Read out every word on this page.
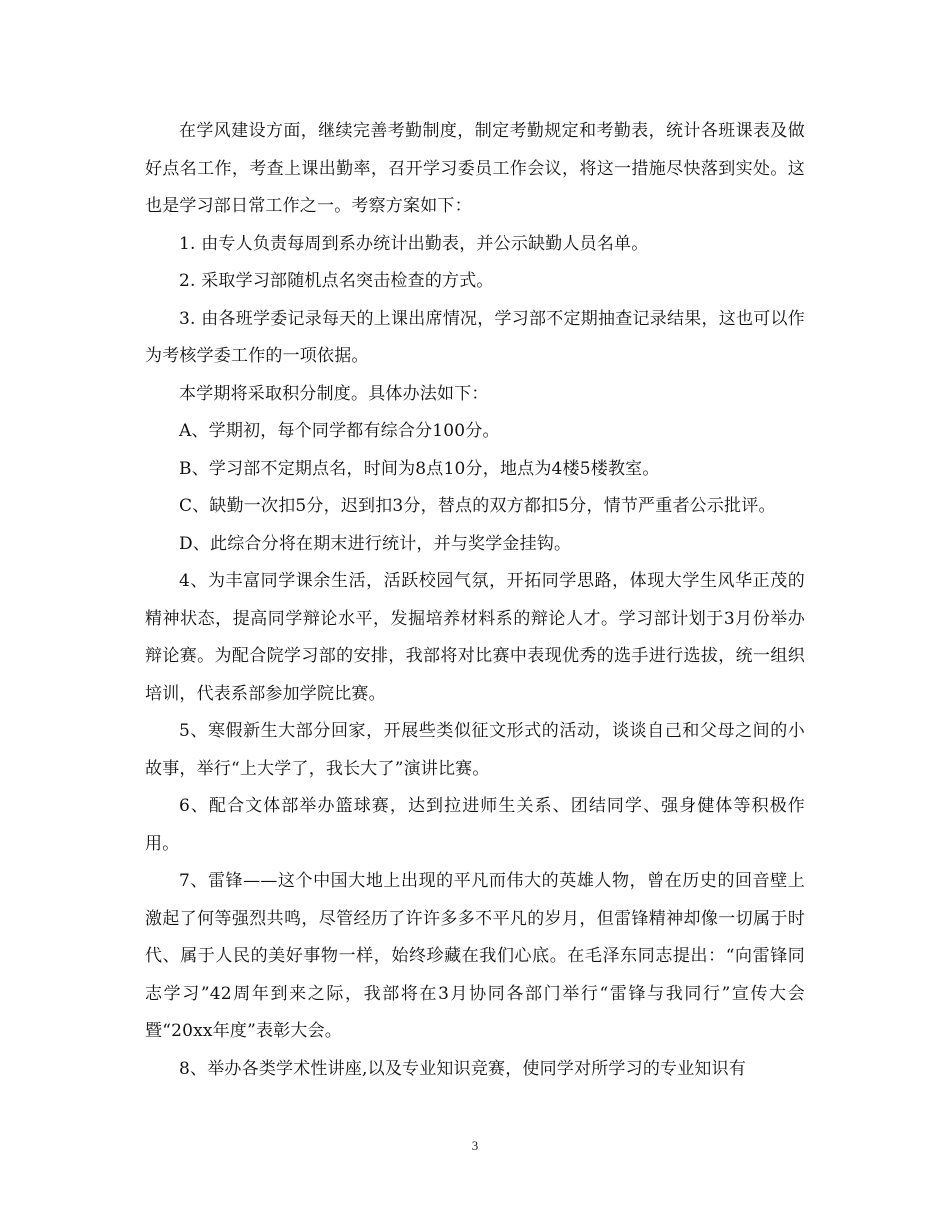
在学风建设方面，继续完善考勤制度，制定考勤规定和考勤表，统计各班课表及做好点名工作，考查上课出勤率，召开学习委员工作会议，将这一措施尽快落到实处。这也是学习部日常工作之一。考察方案如下：

1. 由专人负责每周到系办统计出勤表，并公示缺勤人员名单。

2. 采取学习部随机点名突击检查的方式。

3. 由各班学委记录每天的上课出席情况，学习部不定期抽查记录结果，这也可以作为考核学委工作的一项依据。

本学期将采取积分制度。具体办法如下：

A、学期初，每个同学都有综合分100分。

B、学习部不定期点名，时间为8点10分，地点为4楼5楼教室。

C、缺勤一次扣5分，迟到扣3分，替点的双方都扣5分，情节严重者公示批评。

D、此综合分将在期末进行统计，并与奖学金挂钩。

4、为丰富同学课余生活，活跃校园气氛，开拓同学思路，体现大学生风华正茂的精神状态，提高同学辩论水平，发掘培养材料系的辩论人才。学习部计划于3月份举办辩论赛。为配合院学习部的安排，我部将对比赛中表现优秀的选手进行选拔，统一组织培训，代表系部参加学院比赛。

5、寒假新生大部分回家，开展些类似征文形式的活动，谈谈自己和父母之间的小故事，举行“上大学了，我长大了”演讲比赛。

6、配合文体部举办篮球赛，达到拉进师生关系、团结同学、强身健体等积极作用。

7、雷锋——这个中国大地上出现的平凡而伟大的英雄人物，曾在历史的回音壁上激起了何等强烈共鸣，尽管经历了许许多多不平凡的岁月，但雷锋精神却像一切属于时代、属于人民的美好事物一样，始终珍藏在我们心底。在毛泽东同志提出：“向雷锋同志学习”42周年到来之际，我部将在3月协同各部门举行“雷锋与我同行”宣传大会暨“20xx年度”表彰大会。

8、举办各类学术性讲座,以及专业知识竞赛，使同学对所学习的专业知识有

3
